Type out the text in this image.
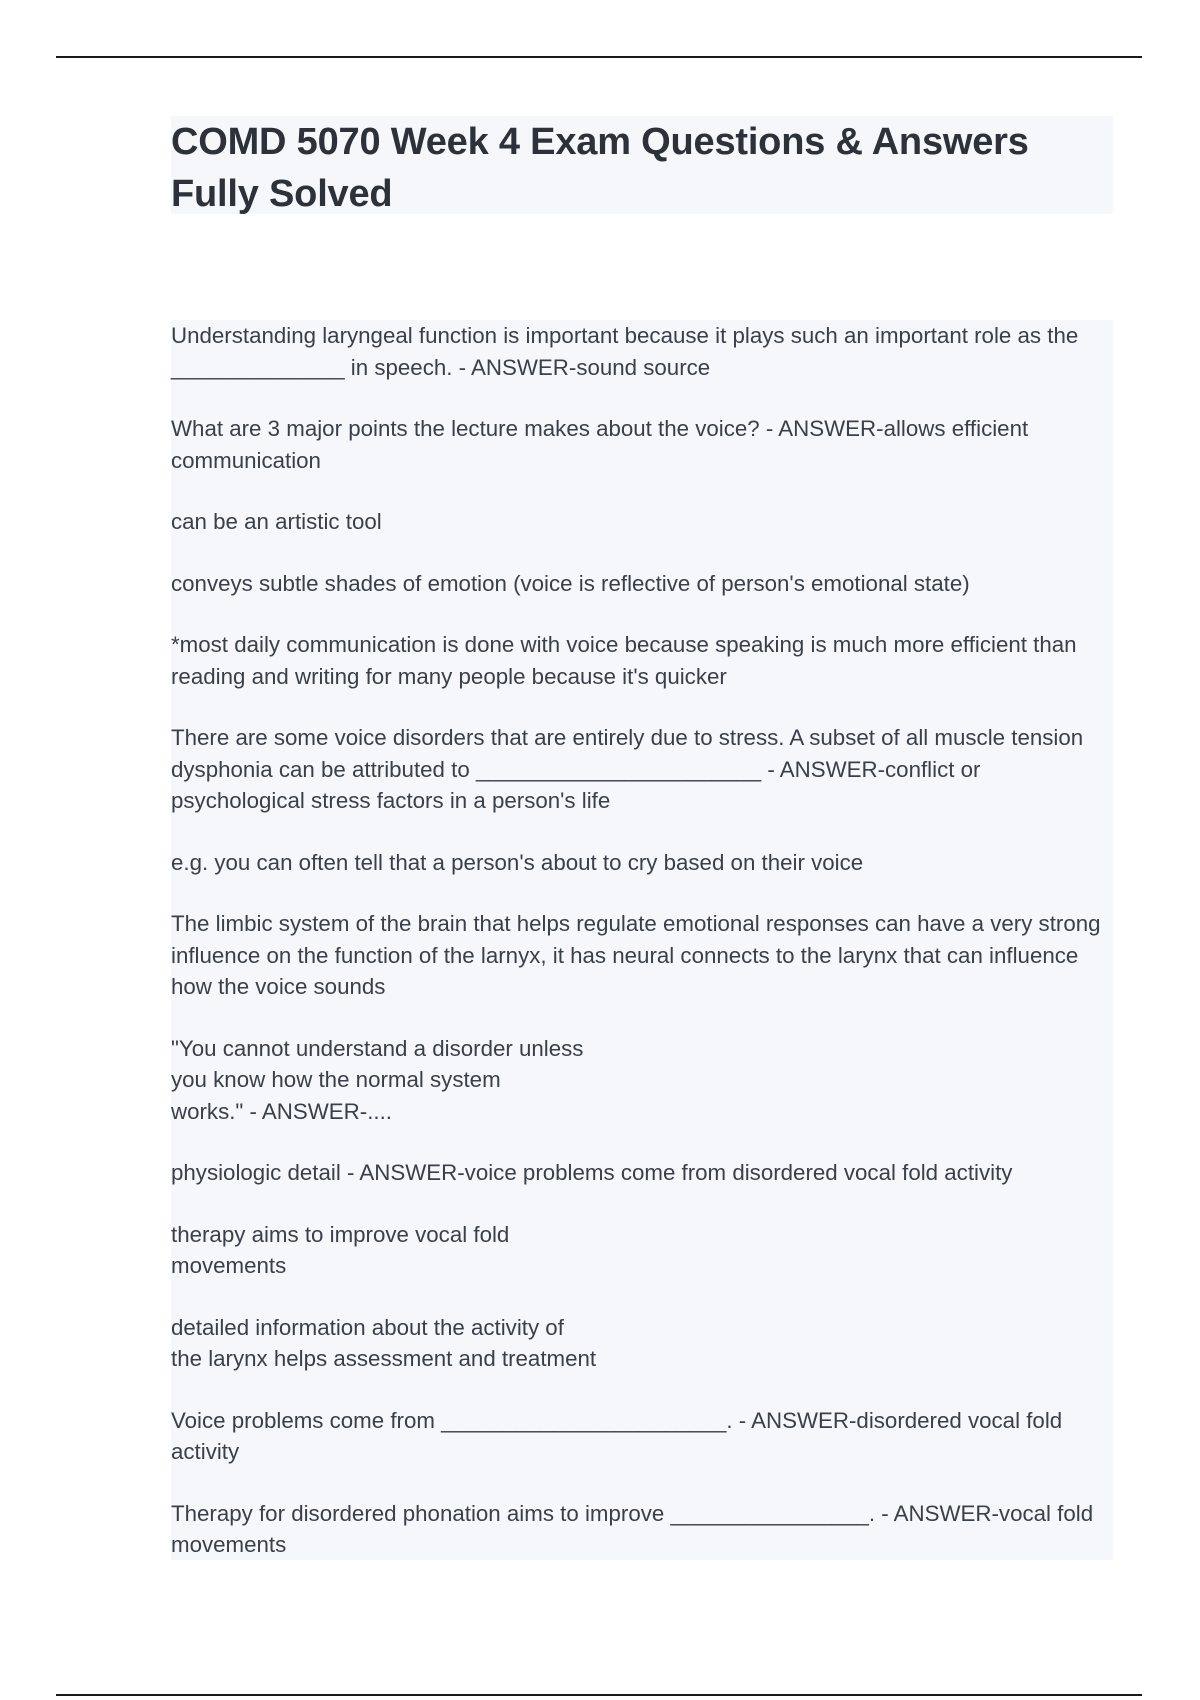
COMD 5070 Week 4 Exam Questions & Answers Fully Solved

Understanding laryngeal function is important because it plays such an important role as the ______________ in speech. - ANSWER-sound source

What are 3 major points the lecture makes about the voice? - ANSWER-allows efficient communication

can be an artistic tool

conveys subtle shades of emotion (voice is reflective of person's emotional state)

*most daily communication is done with voice because speaking is much more efficient than reading and writing for many people because it's quicker

There are some voice disorders that are entirely due to stress. A subset of all muscle tension dysphonia can be attributed to _______________________ - ANSWER-conflict or psychological stress factors in a person's life

e.g. you can often tell that a person's about to cry based on their voice

The limbic system of the brain that helps regulate emotional responses can have a very strong influence on the function of the larnyx, it has neural connects to the larynx that can influence how the voice sounds

"You cannot understand a disorder unless
you know how the normal system
works." - ANSWER-....

physiologic detail - ANSWER-voice problems come from disordered vocal fold activity

therapy aims to improve vocal fold
movements

detailed information about the activity of
the larynx helps assessment and treatment

Voice problems come from _______________________. - ANSWER-disordered vocal fold activity

Therapy for disordered phonation aims to improve ________________. - ANSWER-vocal fold movements
